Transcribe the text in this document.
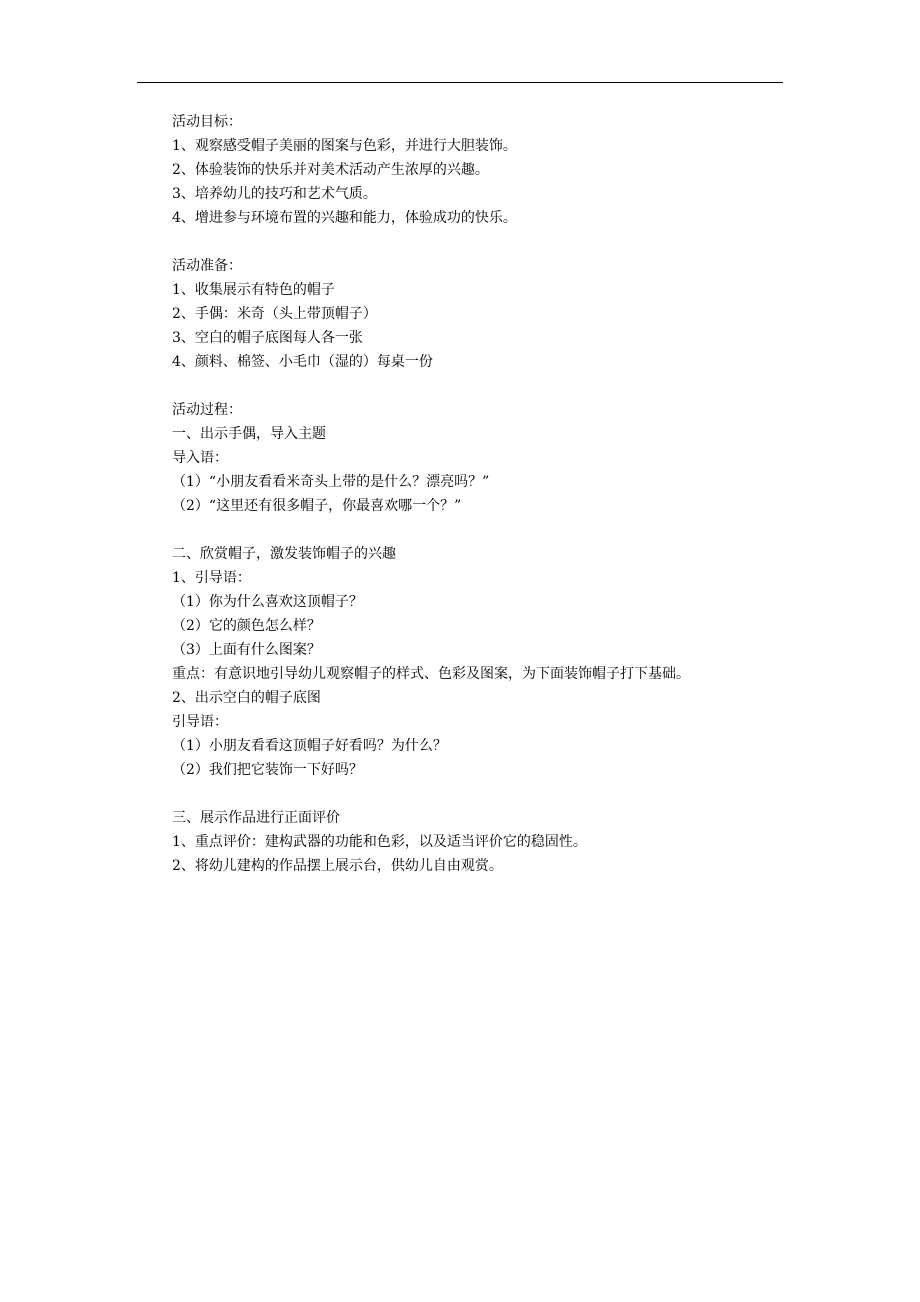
活动目标：
1、观察感受帽子美丽的图案与色彩，并进行大胆装饰。
2、体验装饰的快乐并对美术活动产生浓厚的兴趣。
3、培养幼儿的技巧和艺术气质。
4、增进参与环境布置的兴趣和能力，体验成功的快乐。
活动准备：
1、收集展示有特色的帽子
2、手偶：米奇（头上带顶帽子）
3、空白的帽子底图每人各一张
4、颜料、棉签、小毛巾（湿的）每桌一份
活动过程：
一、出示手偶，导入主题
导入语：
（1）“小朋友看看米奇头上带的是什么？漂亮吗？”
（2）“这里还有很多帽子，你最喜欢哪一个？”
二、欣赏帽子，激发装饰帽子的兴趣
1、引导语：
（1）你为什么喜欢这顶帽子？
（2）它的颜色怎么样？
（3）上面有什么图案？
重点：有意识地引导幼儿观察帽子的样式、色彩及图案，为下面装饰帽子打下基础。
2、出示空白的帽子底图
引导语：
（1）小朋友看看这顶帽子好看吗？为什么？
（2）我们把它装饰一下好吗？
三、展示作品进行正面评价
1、重点评价：建构武器的功能和色彩，以及适当评价它的稳固性。
2、将幼儿建构的作品摆上展示台，供幼儿自由观赏。
